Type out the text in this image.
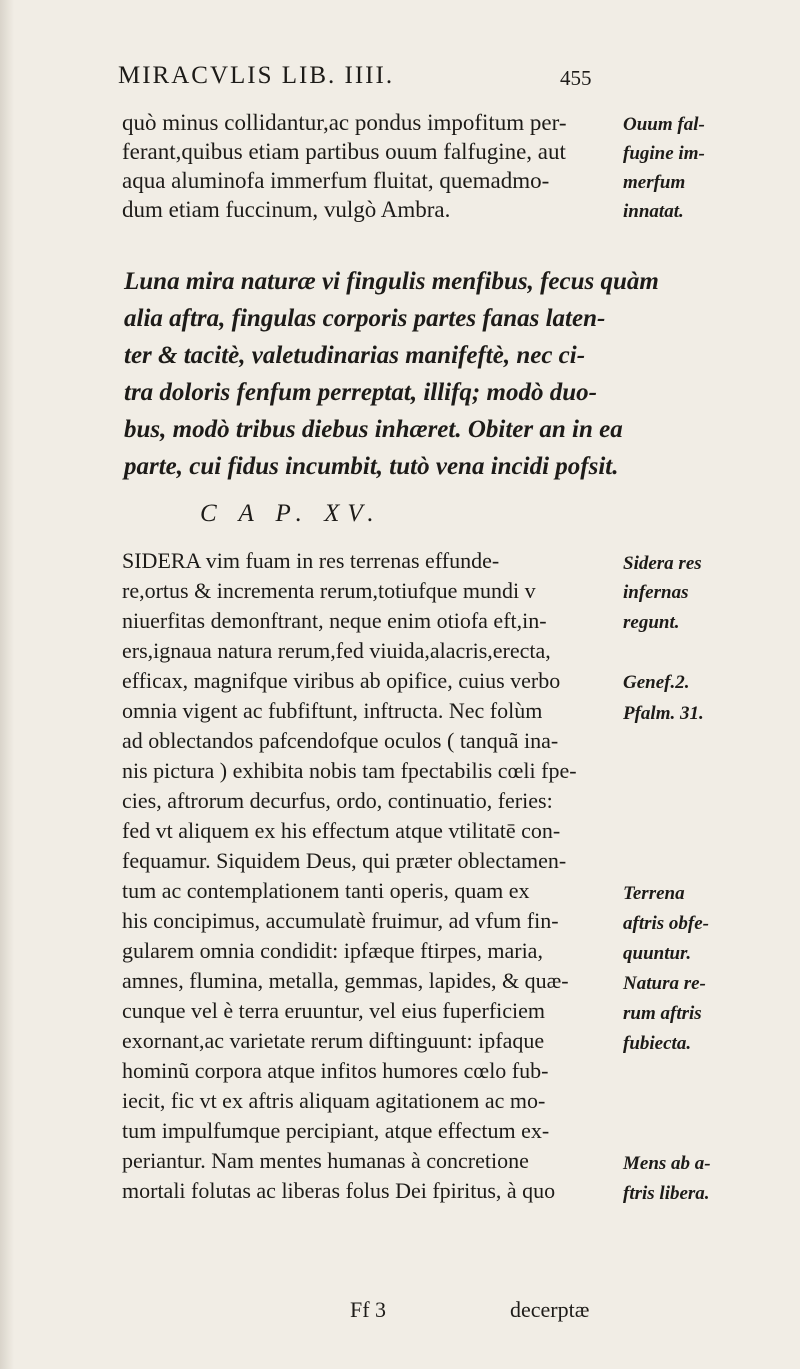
MIRACVLIS LIB. IIII.	455
quò minus collidantur,ac pondus impofitum per-
ferant,quibus etiam partibus ouum falfugine, aut
aqua aluminofa immerfum fluitat, quemadmo-
dum etiam fuccinum, vulgò Ambra.
Luna mira naturæ vi fingulis menfibus, fecus quàm
alia aftra, fingulas corporis partes fanas laten-
ter & tacitè, valetudinarias manifeftè, nec ci-
tra doloris fenfum perreptat, illifq; modò duo-
bus, modò tribus diebus inhæret. Obiter an in ea
parte, cui fidus incumbit, tutò vena incidi pofsit.
C A P. XV.
SIDERA vim fuam in res terrenas effunde-
re,ortus & incrementa rerum,totiufque mundi v
niuerfitas demonftrant, neque enim otiofa eft,in-
ers,ignaua natura rerum,fed viuida,alacris,erecta,
efficax, magnifque viribus ab opifice, cuius verbo
omnia vigent ac fubfiftunt, inftructa. Nec folùm
ad oblectandos pafcendofque oculos ( tanquã ina-
nis pictura ) exhibita nobis tam fpectabilis cœli fpe-
cies, aftrorum decurfus, ordo, continuatio, feries:
fed vt aliquem ex his effectum atque vtilitatē con-
fequamur. Siquidem Deus, qui prӕter oblectamen-
tum ac contemplationem tanti operis, quam ex
his concipimus, accumulatè fruimur, ad vfum fin-
gularem omnia condidit: ipfæque ftirpes, maria,
amnes, flumina, metalla, gemmas, lapides, & quæ-
cunque vel è terra eruuntur, vel eius fuperficiem
exornant,ac varietate rerum diftinguunt: ipfaque
hominũ corpora atque infitos humores cœlo fub-
iecit, fic vt ex aftris aliquam agitationem ac mo-
tum impulfumque percipiant, atque effectum ex-
periantur. Nam mentes humanas à concretione
mortali folutas ac liberas folus Dei fpiritus, à quo
Ouum fal-
fugine im-
merfum
innatat.
Sidera res
infernas
regunt.
Genef.2.
Pfalm. 31.
Terrena
aftris obfe-
quuntur.
Natura re-
rum aftris
fubiecta.
Mens ab a-
ftris libera.
Ff 3	decerptæ
